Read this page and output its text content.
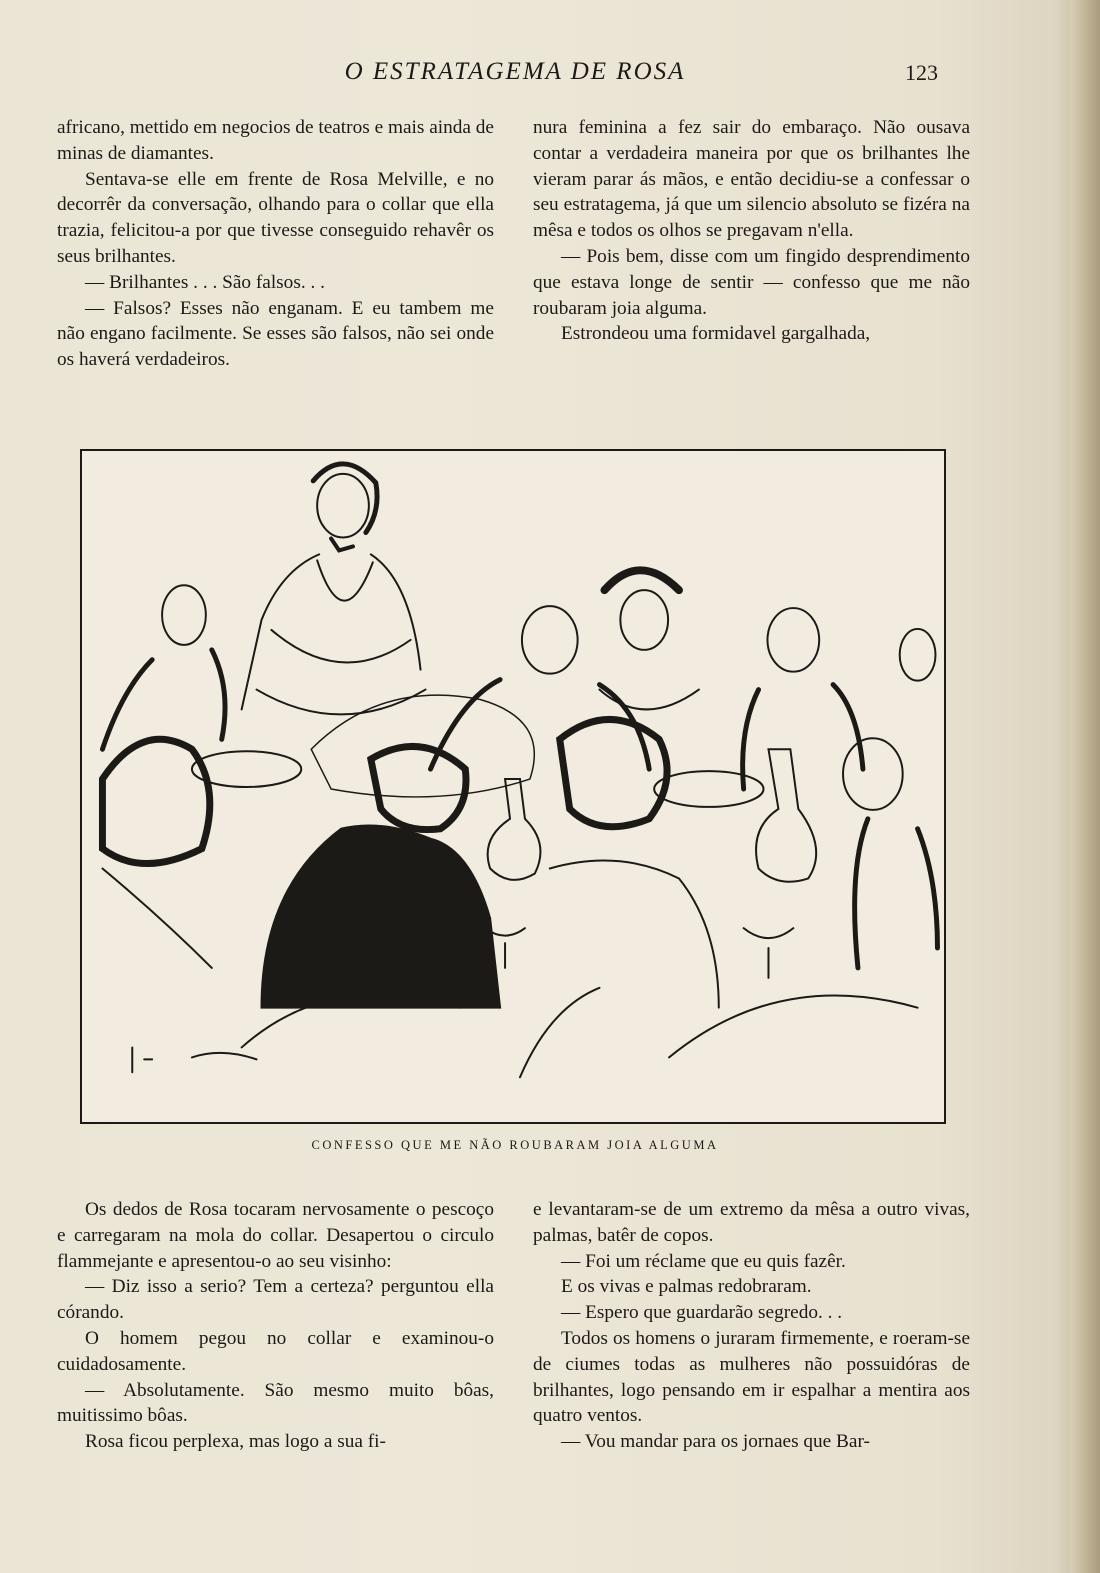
O ESTRATAGEMA DE ROSA	123

africano, mettido em negocios de teatros e mais ainda de minas de diamantes.

Sentava-se elle em frente de Rosa Melville, e no decorrêr da conversação, olhando para o collar que ella trazia, felicitou-a por que tivesse conseguido rehavêr os seus brilhantes.

— Brilhantes . . . São falsos. . .

— Falsos? Esses não enganam. E eu tambem me não engano facilmente. Se esses são falsos, não sei onde os haverá verdadeiros.

nura feminina a fez sair do embaraço. Não ousava contar a verdadeira maneira por que os brilhantes lhe vieram parar ás mãos, e então decidiu-se a confessar o seu estratagema, já que um silencio absoluto se fizéra na mêsa e todos os olhos se pregavam n'ella.

— Pois bem, disse com um fingido desprendimento que estava longe de sentir — confesso que me não roubaram joia alguma.

Estrondeou uma formidavel gargalhada,

CONFESSO QUE ME NÃO ROUBARAM JOIA ALGUMA

Os dedos de Rosa tocaram nervosamente o pescoço e carregaram na mola do collar. Desapertou o circulo flammejante e apresentou-o ao seu visinho:

— Diz isso a serio? Tem a certeza? perguntou ella córando.

O homem pegou no collar e examinou-o cuidadosamente.

— Absolutamente. São mesmo muito bôas, muitissimo bôas.

Rosa ficou perplexa, mas logo a sua fi-

e levantaram-se de um extremo da mêsa a outro vivas, palmas, batêr de copos.

— Foi um réclame que eu quis fazêr.

E os vivas e palmas redobraram.

— Espero que guardarão segredo. . .

Todos os homens o juraram firmemente, e roeram-se de ciumes todas as mulheres não possuidóras de brilhantes, logo pensando em ir espalhar a mentira aos quatro ventos.

— Vou mandar para os jornaes que Bar-
